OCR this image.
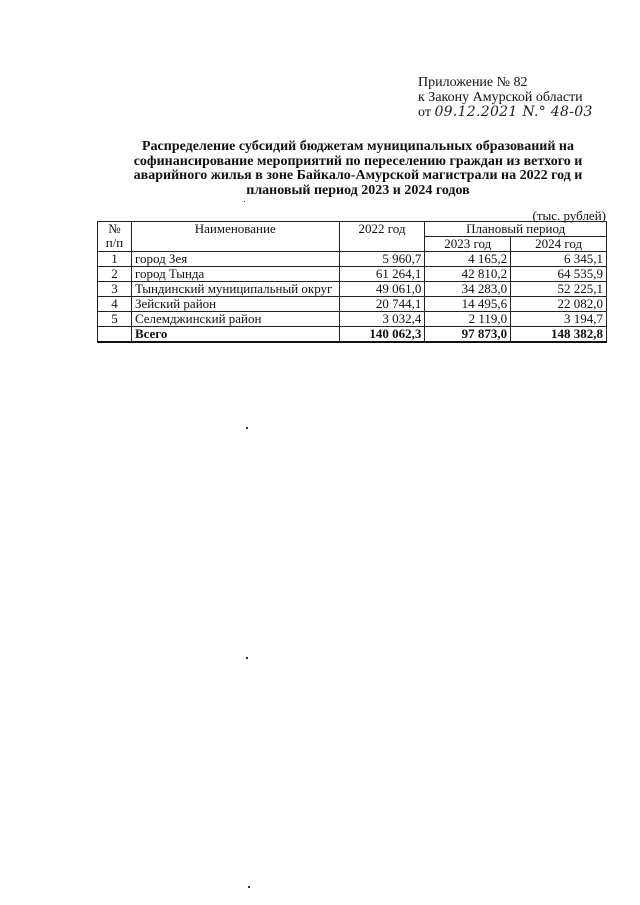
Приложение № 82
к Закону Амурской области
от 09.12.2021 N.° 48-03
Распределение субсидий бюджетам муниципальных образований на софинансирование мероприятий по переселению граждан из ветхого и аварийного жилья в зоне Байкало-Амурской магистрали на 2022 год и плановый период 2023 и 2024 годов
(тыс. рублей)
№
п/п	Наименование	2022 год	Плановый период	
			2023 год	2024 год
1	город Зея	5 960,7	4 165,2	6 345,1
2	город Тында	61 264,1	42 810,2	64 535,9
3	Тындинский муниципальный округ	49 061,0	34 283,0	52 225,1
4	Зейский район	20 744,1	14 495,6	22 082,0
5	Селемджинский район	3 032,4	2 119,0	3 194,7
	Всего	140 062,3	97 873,0	148 382,8
